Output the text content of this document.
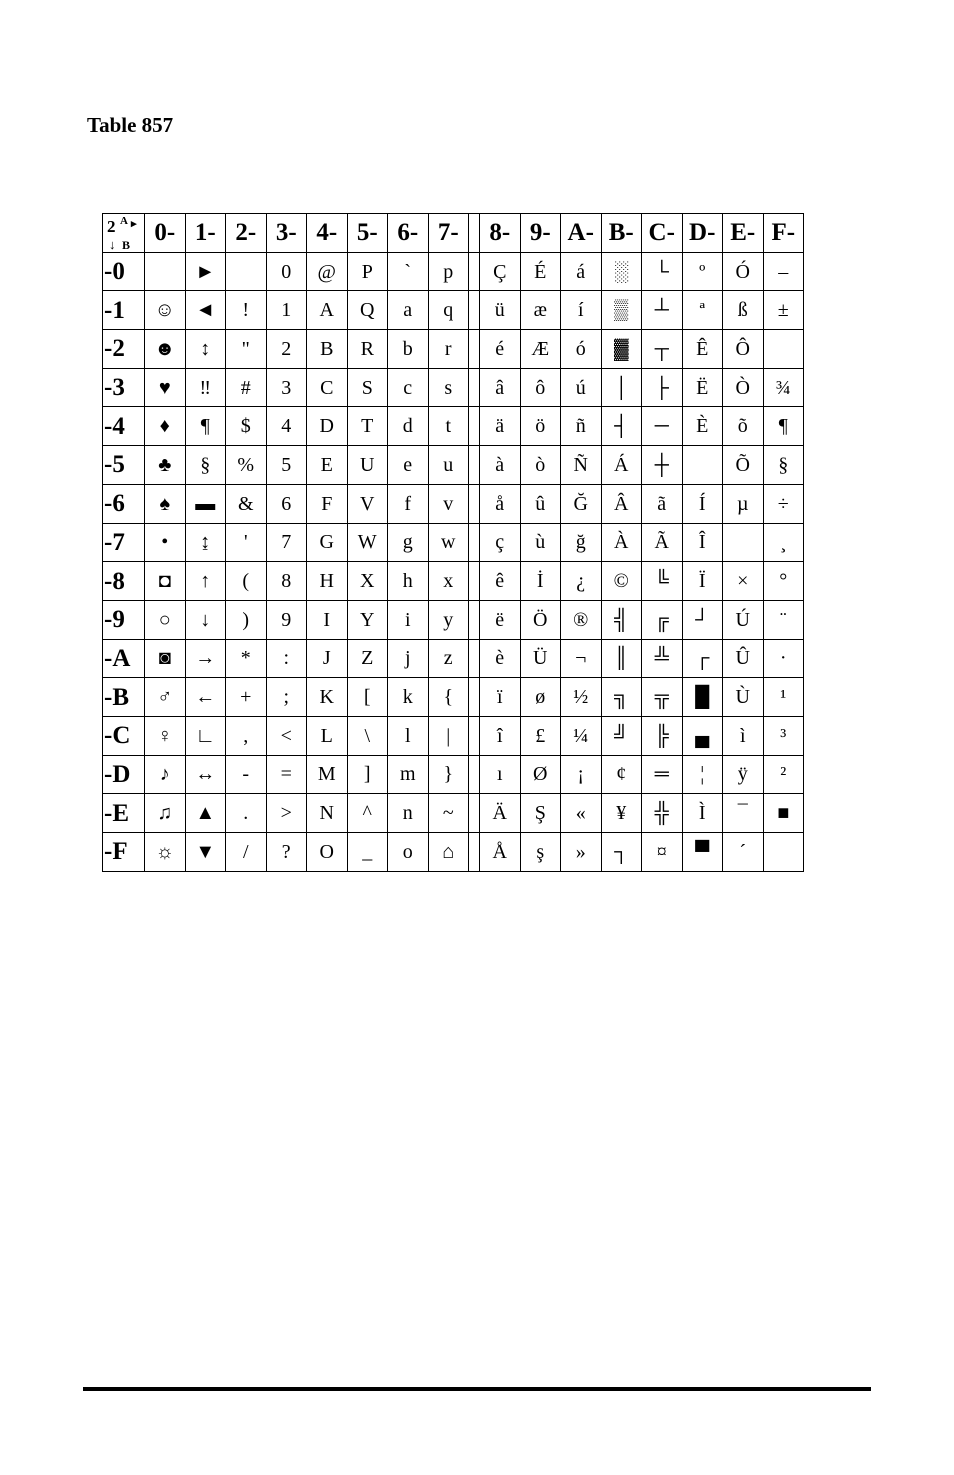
Table 857
2 A ▸
↓ B	0-	1-	2-	3-	4-	5-	6-	7-		8-	9-	A-	B-	C-	D-	E-	F-
-0		►		0	@	P	`	p		Ç	É	á	░	└	º	Ó	–
-1	☺	◄	!	1	A	Q	a	q		ü	æ	í	▒	┴	ª	ß	±
-2	☻	↕	"	2	B	R	b	r		é	Æ	ó	▓	┬	Ê	Ô	
-3	♥	‼	#	3	C	S	c	s		â	ô	ú	│	├	Ë	Ò	¾
-4	♦	¶	$	4	D	T	d	t		ä	ö	ñ	┤	─	È	õ	¶
-5	♣	§	%	5	E	U	e	u		à	ò	Ñ	Á	┼		Õ	§
-6	♠	▬	&	6	F	V	f	v		å	û	Ğ	Â	ã	Í	µ	÷
-7	•	↨	'	7	G	W	g	w		ç	ù	ğ	À	Ã	Î		¸
-8	◘	↑	(	8	H	X	h	x		ê	İ	¿	©	╚	Ï	×	°
-9	○	↓	)	9	I	Y	i	y		ë	Ö	®	╣	╔	┘	Ú	¨
-A	◙	→	*	:	J	Z	j	z		è	Ü	¬	║	╩	┌	Û	·
-B	♂	←	+	;	K	[	k	{		ï	ø	½	╗	╦	█	Ù	¹
-C	♀	∟	,	<	L	\	l	|		î	£	¼	╝	╠	▄	ì	³
-D	♪	↔	-	=	M	]	m	}		ı	Ø	¡	¢	═	¦	ÿ	²
-E	♫	▲	.	>	N	^	n	~		Ä	Ş	«	¥	╬	Ì	¯	■
-F	☼	▼	/	?	O	_	o	⌂		Å	ş	»	┐	¤	▀	´	
